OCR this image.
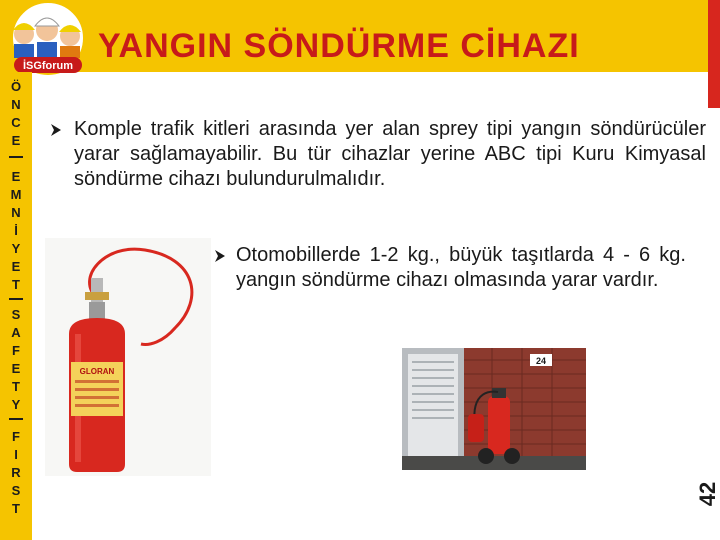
İSGforum
YANGIN SÖNDÜRME CİHAZI
Ö
N
C
E
E
M
N
İ
Y
E
T
S
A
F
E
T
Y
F
I
R
S
T
Komple trafik kitleri arasında yer alan sprey tipi yangın söndürücüler yarar sağlamayabilir. Bu tür cihazlar yerine ABC tipi Kuru Kimyasal söndürme cihazı bulundurulmalıdır.
Otomobillerde 1-2 kg., büyük taşıtlarda 4 - 6 kg. yangın söndürme cihazı olmasında yarar vardır.
GLORAN
24
42
